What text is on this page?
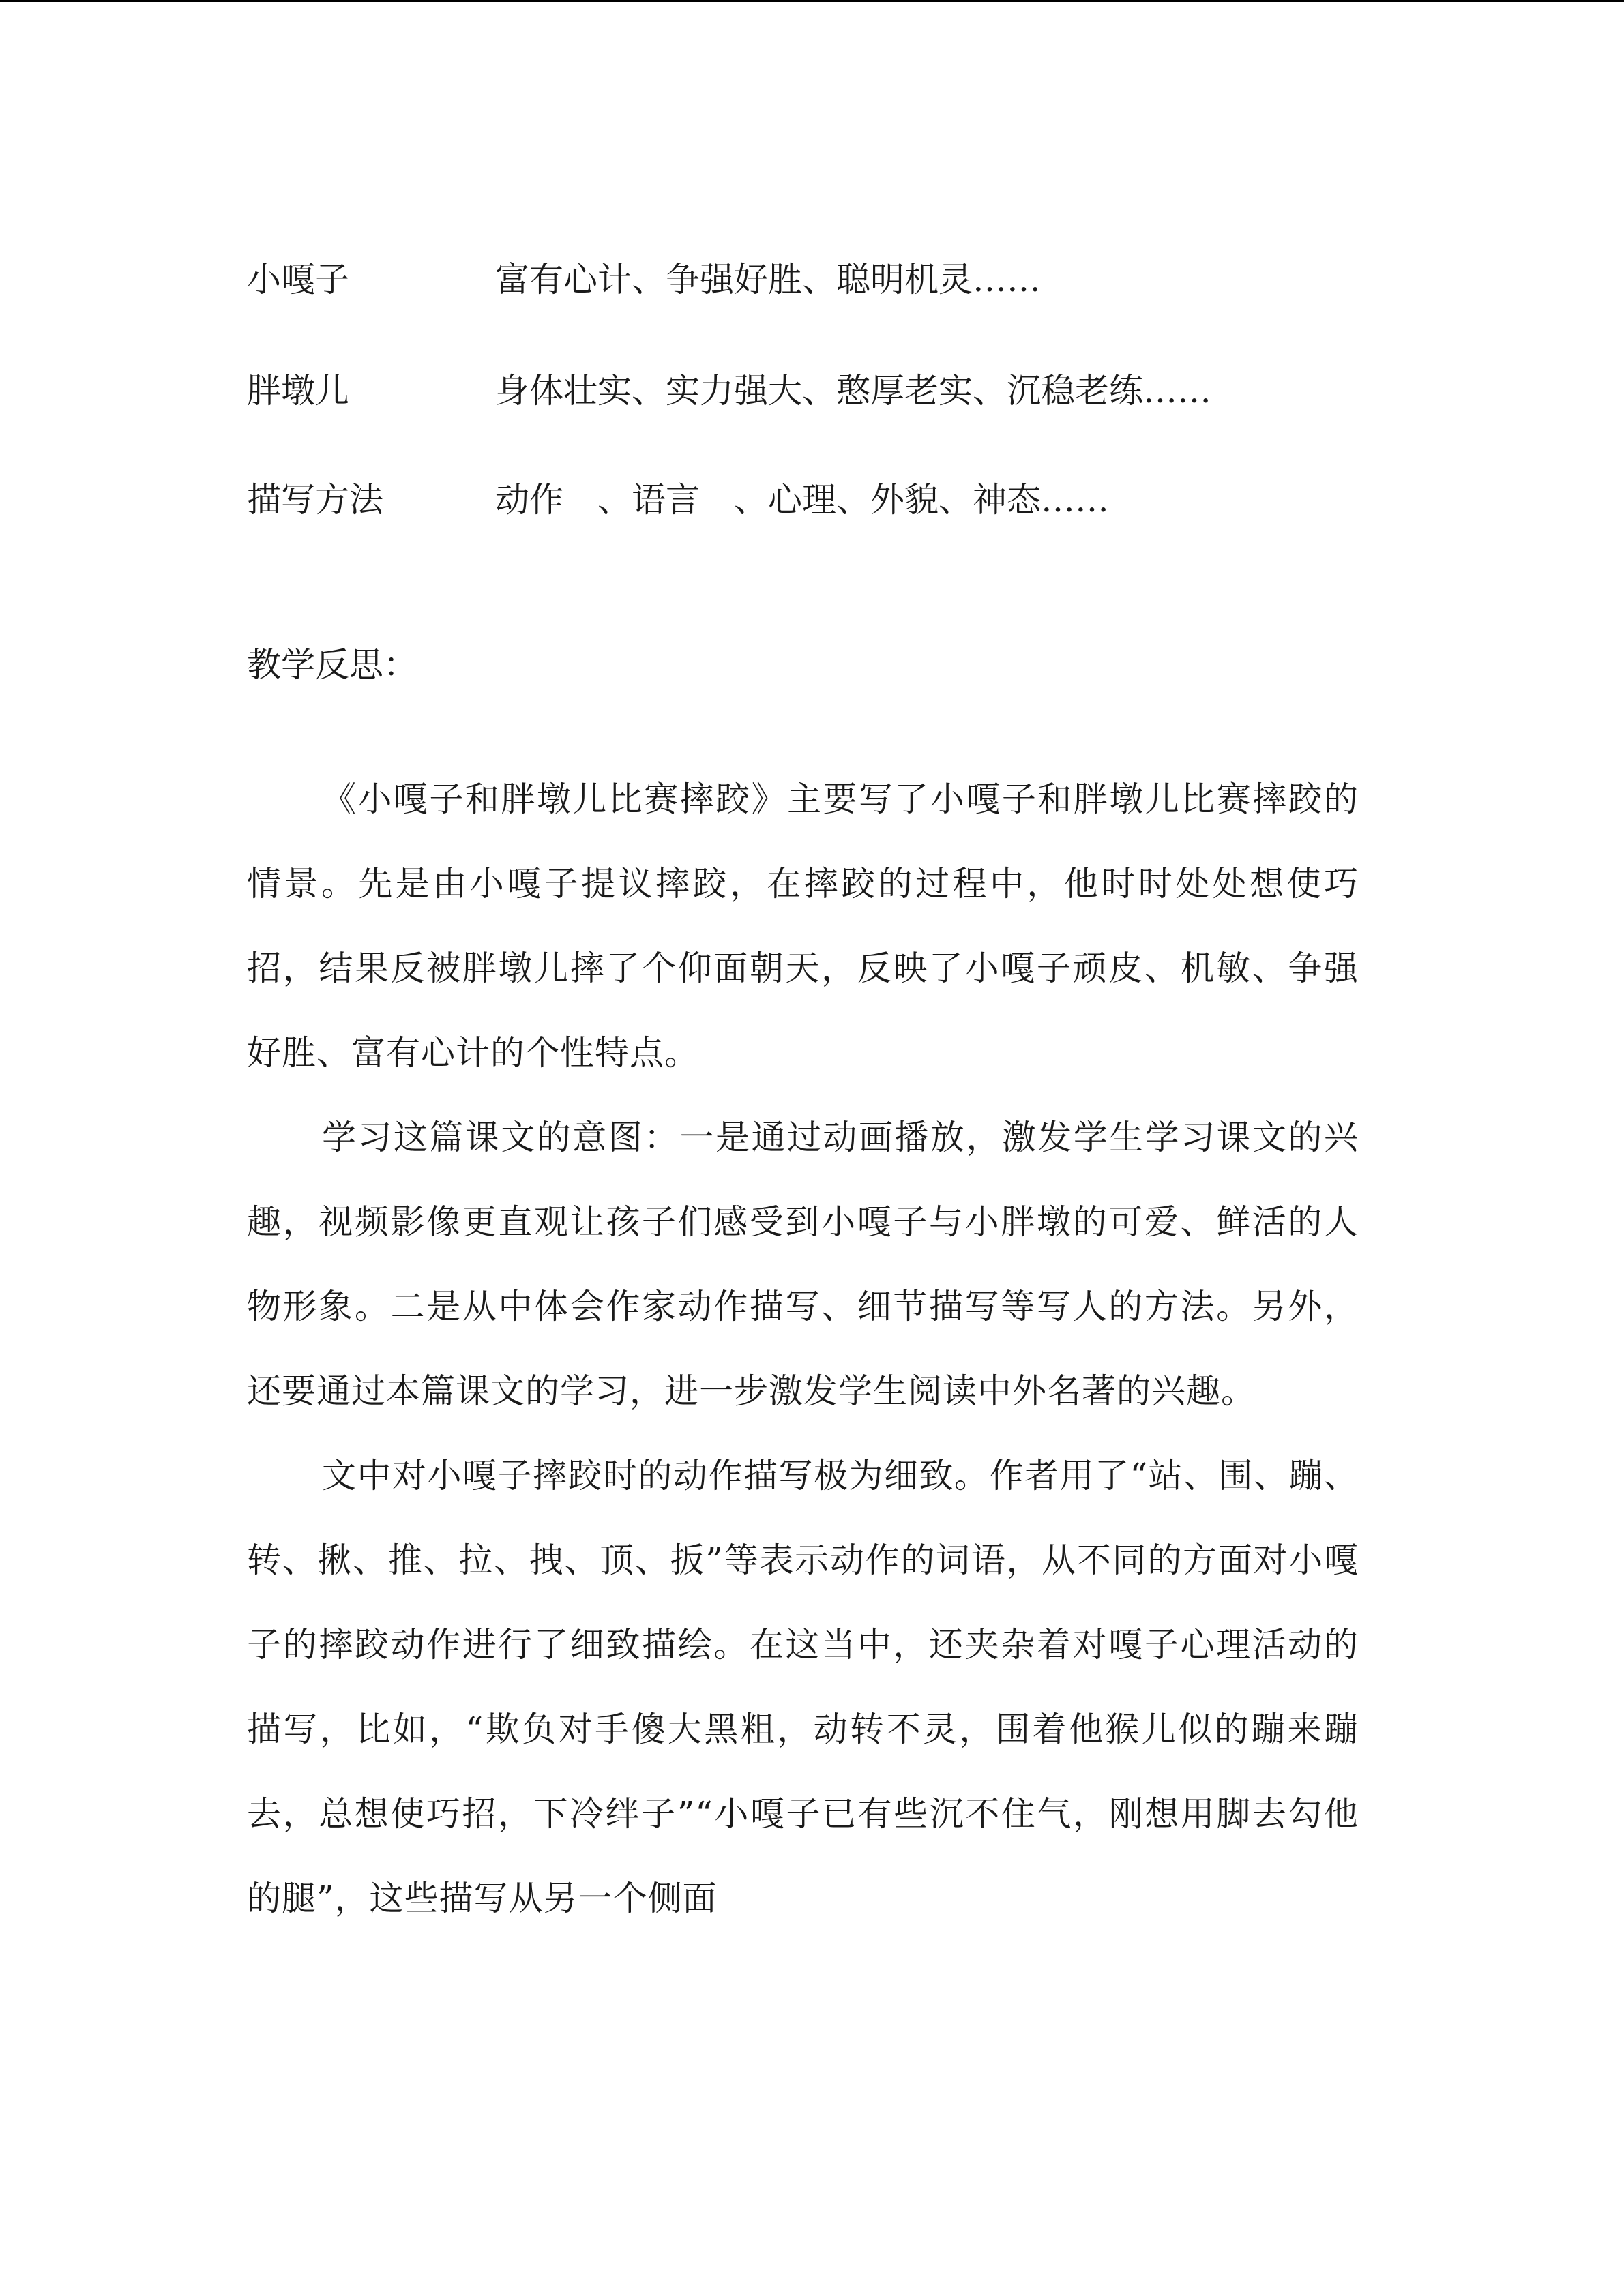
小嘎子	富有心计、争强好胜、聪明机灵……
胖墩儿	身体壮实、实力强大、憨厚老实、沉稳老练……
描写方法	动作　、语言　、心理、外貌、神态……
教学反思：

《小嘎子和胖墩儿比赛摔跤》主要写了小嘎子和胖墩儿比赛摔跤的情景。先是由小嘎子提议摔跤，在摔跤的过程中，他时时处处想使巧招，结果反被胖墩儿摔了个仰面朝天，反映了小嘎子顽皮、机敏、争强好胜、富有心计的个性特点。

学习这篇课文的意图：一是通过动画播放，激发学生学习课文的兴趣，视频影像更直观让孩子们感受到小嘎子与小胖墩的可爱、鲜活的人物形象。二是从中体会作家动作描写、细节描写等写人的方法。另外，还要通过本篇课文的学习，进一步激发学生阅读中外名著的兴趣。

文中对小嘎子摔跤时的动作描写极为细致。作者用了“站、围、蹦、转、揪、推、拉、拽、顶、扳”等表示动作的词语，从不同的方面对小嘎子的摔跤动作进行了细致描绘。在这当中，还夹杂着对嘎子心理活动的描写，比如，“欺负对手傻大黑粗，动转不灵，围着他猴儿似的蹦来蹦去，总想使巧招，下冷绊子”“小嘎子已有些沉不住气，刚想用脚去勾他的腿”，这些描写从另一个侧面
